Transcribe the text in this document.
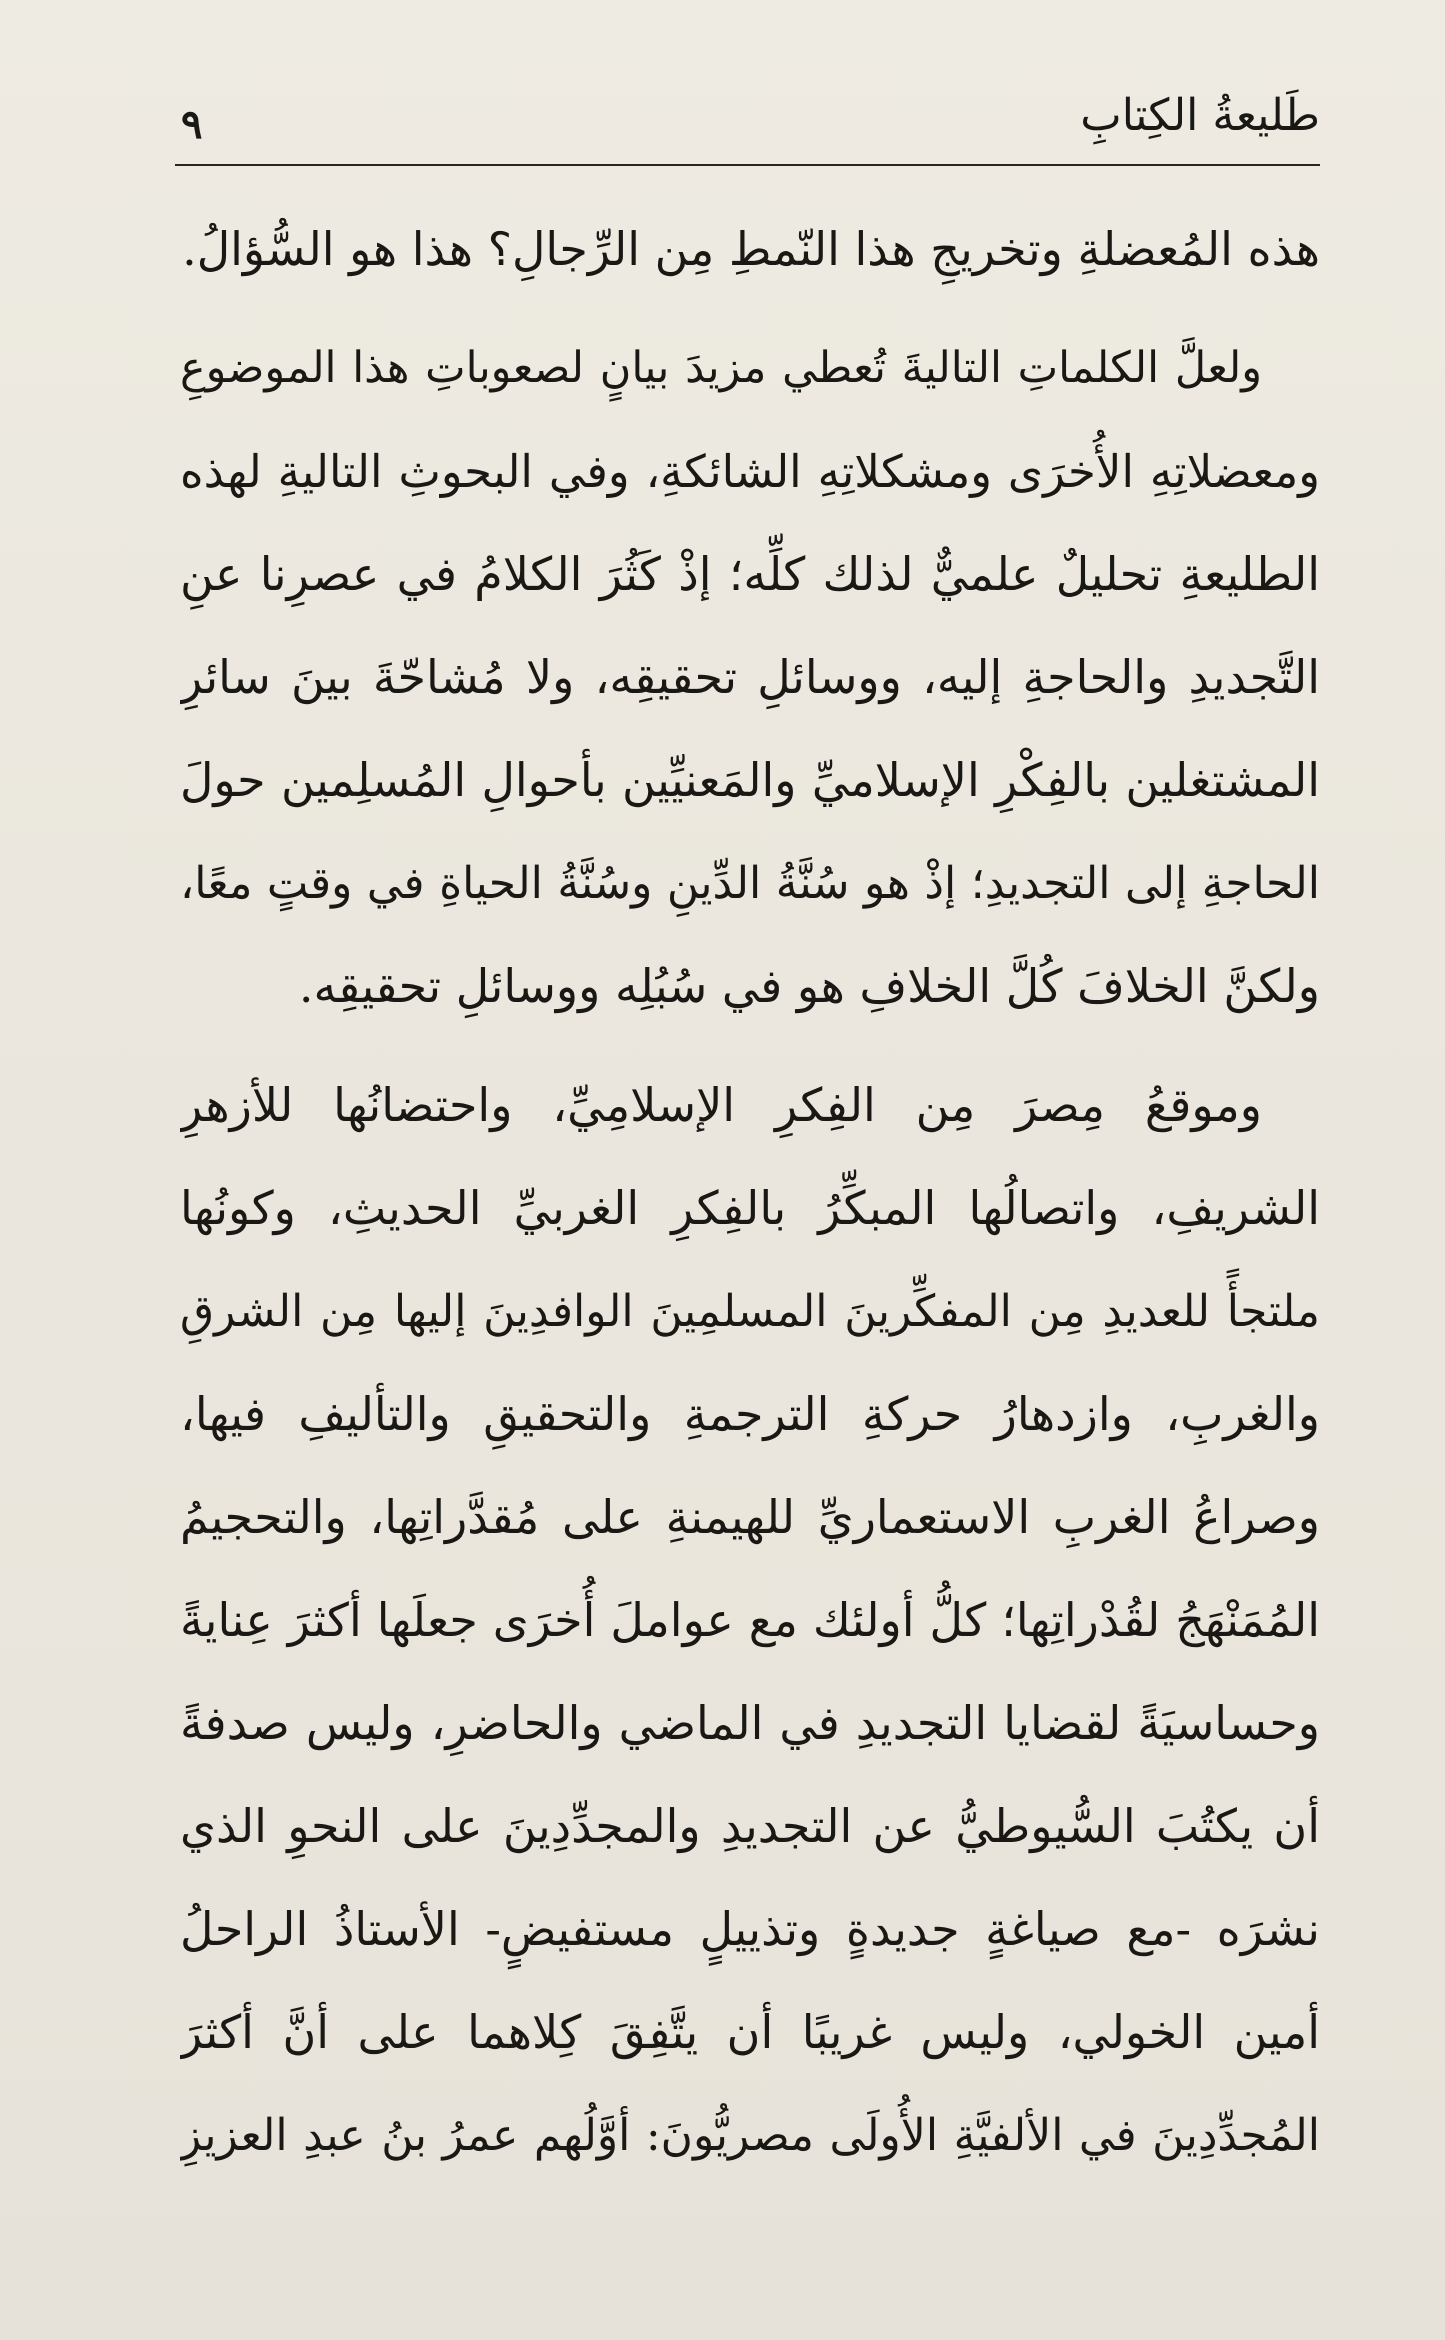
طَليعةُ الكِتابِ
٩
هذه المُعضلةِ وتخريجِ هذا النّمطِ مِن الرِّجالِ؟ هذا هو السُّؤالُ.
ولعلَّ الكلماتِ التاليةَ تُعطي مزيدَ بيانٍ لصعوباتِ هذا الموضوعِ
ومعضلاتِهِ الأُخرَى ومشكلاتِهِ الشائكةِ، وفي البحوثِ التاليةِ لهذه
الطليعةِ تحليلٌ علميٌّ لذلك كلِّه؛ إذْ كَثُرَ الكلامُ في عصرِنا عنِ
التَّجديدِ والحاجةِ إليه، ووسائلِ تحقيقِه، ولا مُشاحّةَ بينَ سائرِ
المشتغلين بالفِكْرِ الإسلاميِّ والمَعنيِّين بأحوالِ المُسلِمين حولَ
الحاجةِ إلى التجديدِ؛ إذْ هو سُنَّةُ الدِّينِ وسُنَّةُ الحياةِ في وقتٍ معًا،
ولكنَّ الخلافَ كُلَّ الخلافِ هو في سُبُلِه ووسائلِ تحقيقِه.
وموقعُ مِصرَ مِن الفِكرِ الإسلامِيِّ، واحتضانُها للأزهرِ
الشريفِ، واتصالُها المبكِّرُ بالفِكرِ الغربيِّ الحديثِ، وكونُها
ملتجأً للعديدِ مِن المفكِّرينَ المسلمِينَ الوافدِينَ إليها مِن الشرقِ
والغربِ، وازدهارُ حركةِ الترجمةِ والتحقيقِ والتأليفِ فيها،
وصراعُ الغربِ الاستعماريِّ للهيمنةِ على مُقدَّراتِها، والتحجيمُ
المُمَنْهَجُ لقُدْراتِها؛ كلُّ أولئك مع عواملَ أُخرَى جعلَها أكثرَ عِنايةً
وحساسيَةً لقضايا التجديدِ في الماضي والحاضرِ، وليس صدفةً
أن يكتُبَ السُّيوطيُّ عن التجديدِ والمجدِّدِينَ على النحوِ الذي
نشرَه -مع صياغةٍ جديدةٍ وتذييلٍ مستفيضٍ- الأستاذُ الراحلُ
أمين الخولي، وليس غريبًا أن يتَّفِقَ كِلاهما على أنَّ أكثرَ
المُجدِّدِينَ في الألفيَّةِ الأُولَى مصريُّونَ: أوَّلُهم عمرُ بنُ عبدِ العزيزِ
